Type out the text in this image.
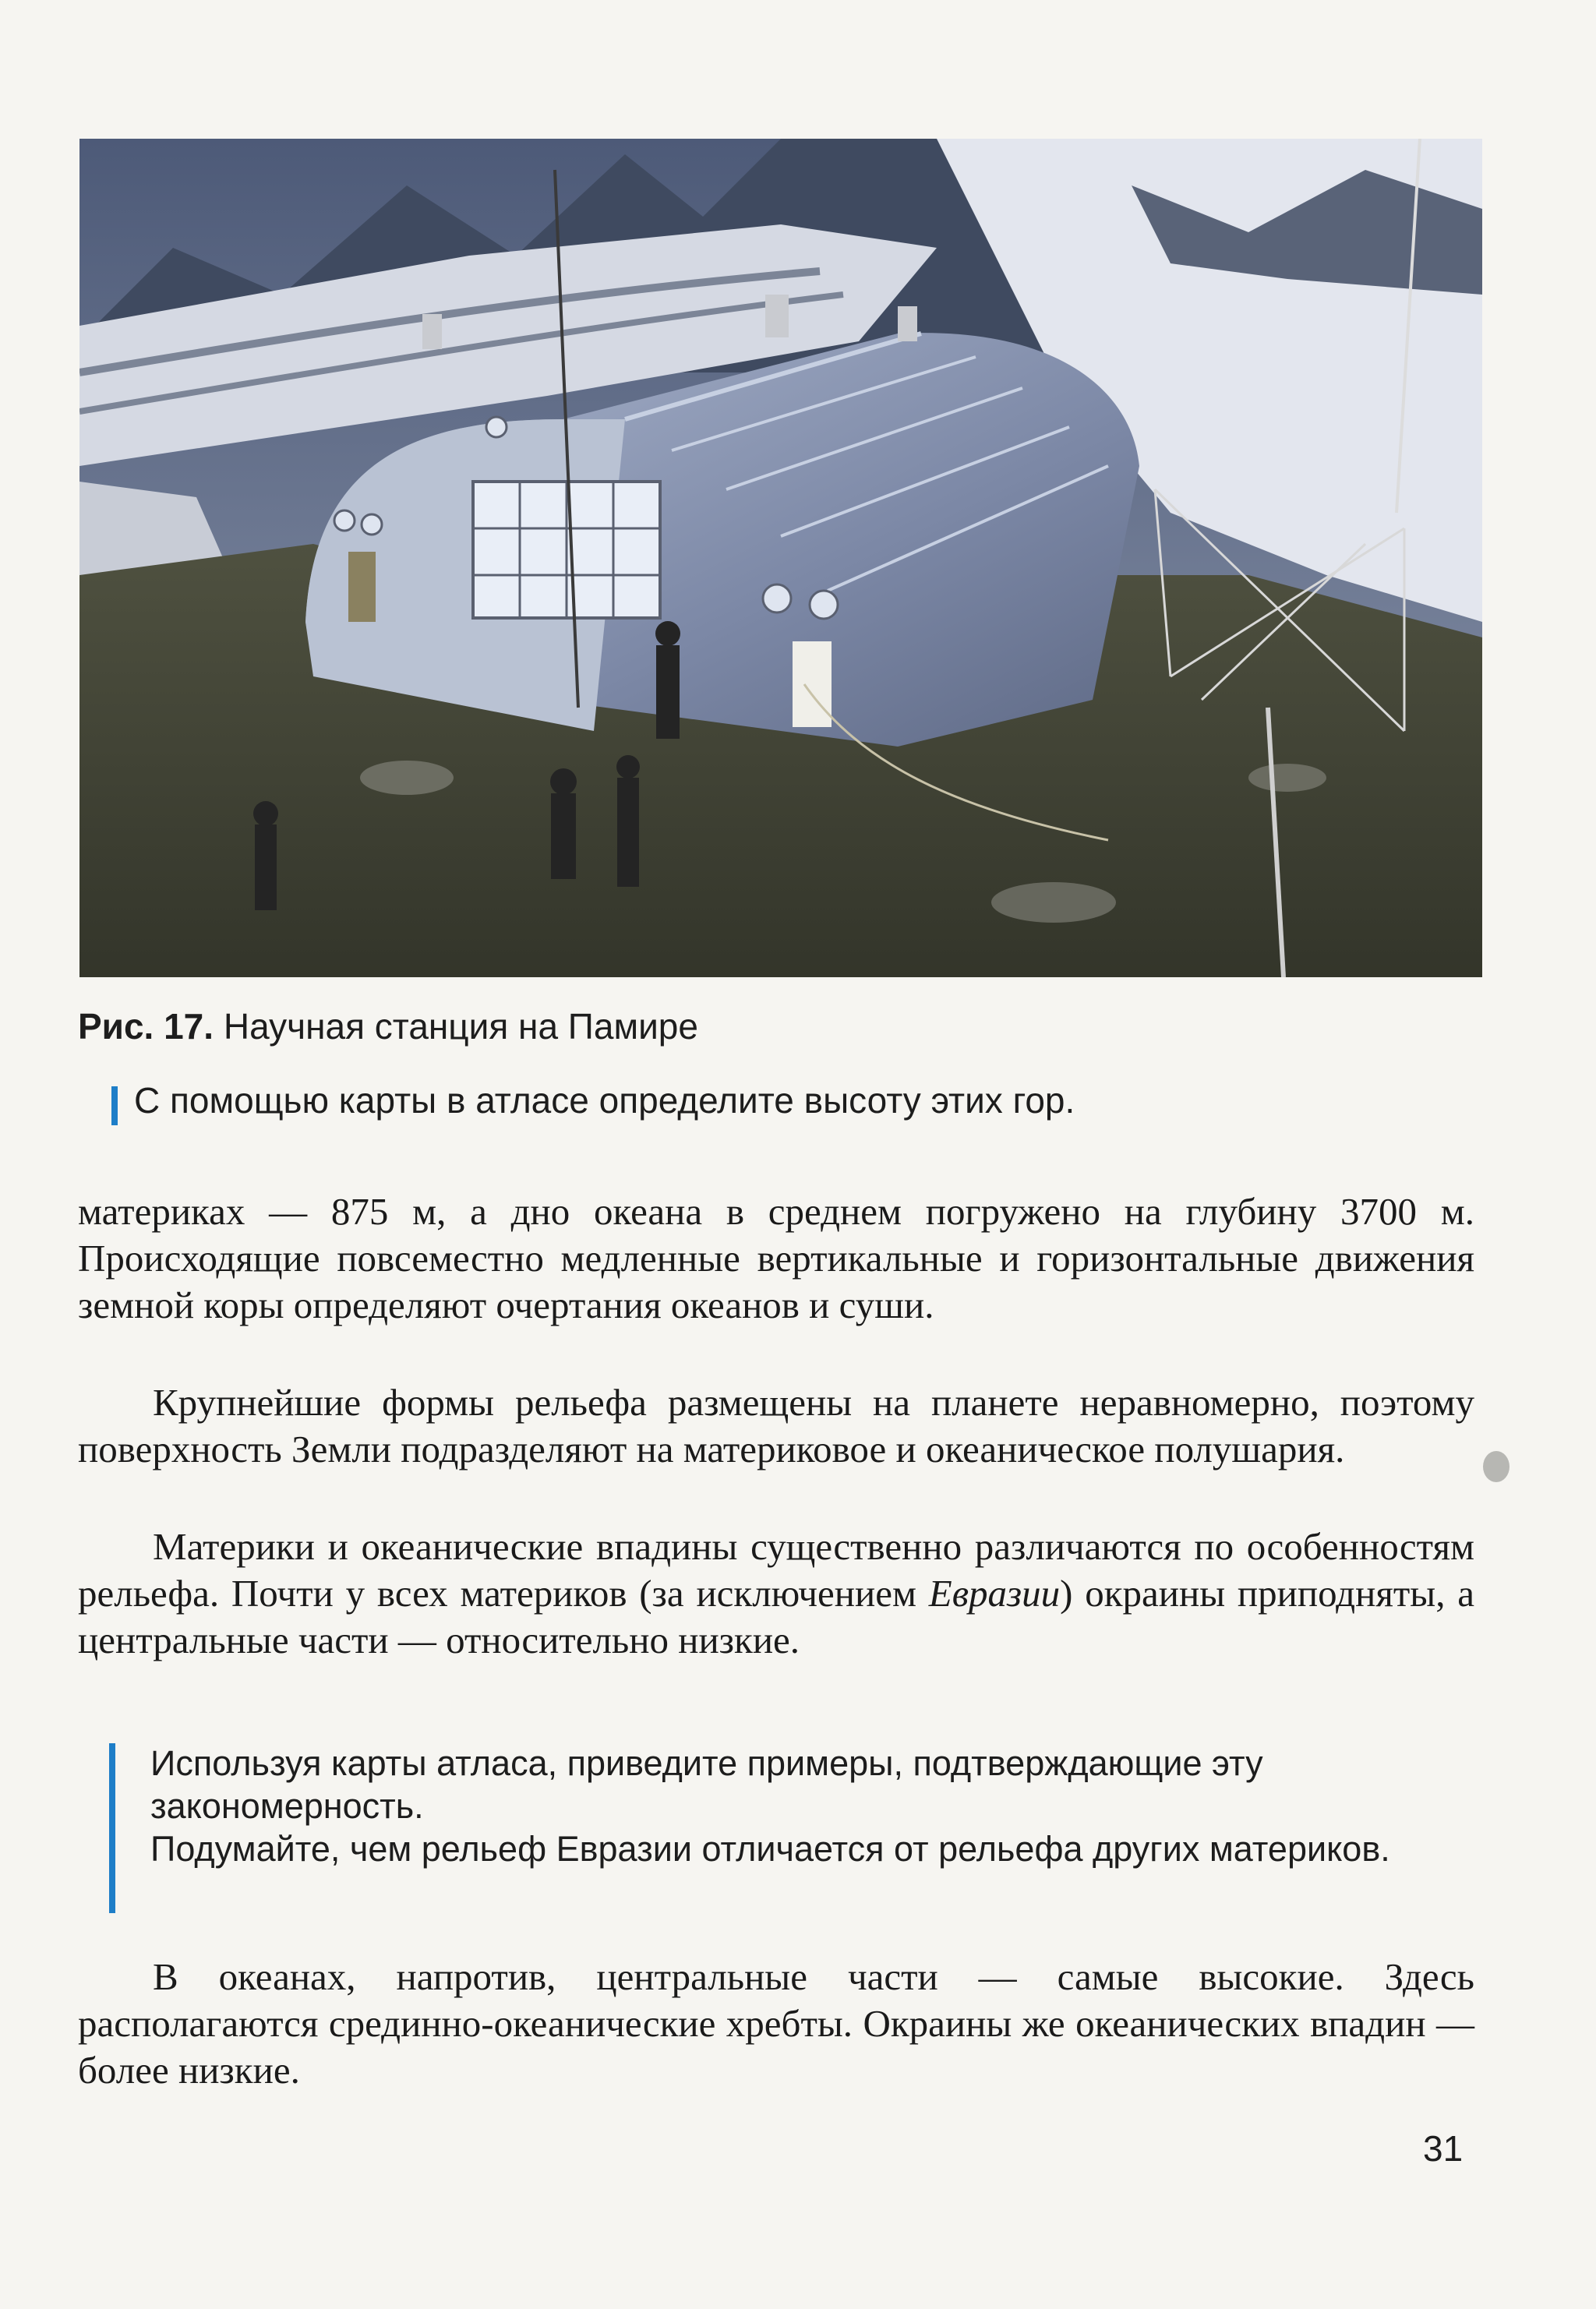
Рис. 17. Научная станция на Памире
С помощью карты в атласе определите высоту этих гор.
материках — 875 м, а дно океана в среднем погружено на глубину 3700 м. Происходящие повсеместно медленные вертикальные и горизонтальные движения земной коры определяют очертания океанов и суши.
Крупнейшие формы рельефа размещены на планете неравномерно, поэтому поверхность Земли подразделяют на материковое и океаническое полушария.
Материки и океанические впадины существенно различаются по особенностям рельефа. Почти у всех материков (за исключением Евразии) окраины приподняты, а центральные части — относительно низкие.
Используя карты атласа, приведите примеры, подтверждающие эту закономерность.
Подумайте, чем рельеф Евразии отличается от рельефа других материков.
В океанах, напротив, центральные части — самые высокие. Здесь располагаются срединно-океанические хребты. Окраины же океанических впадин — более низкие.
31
